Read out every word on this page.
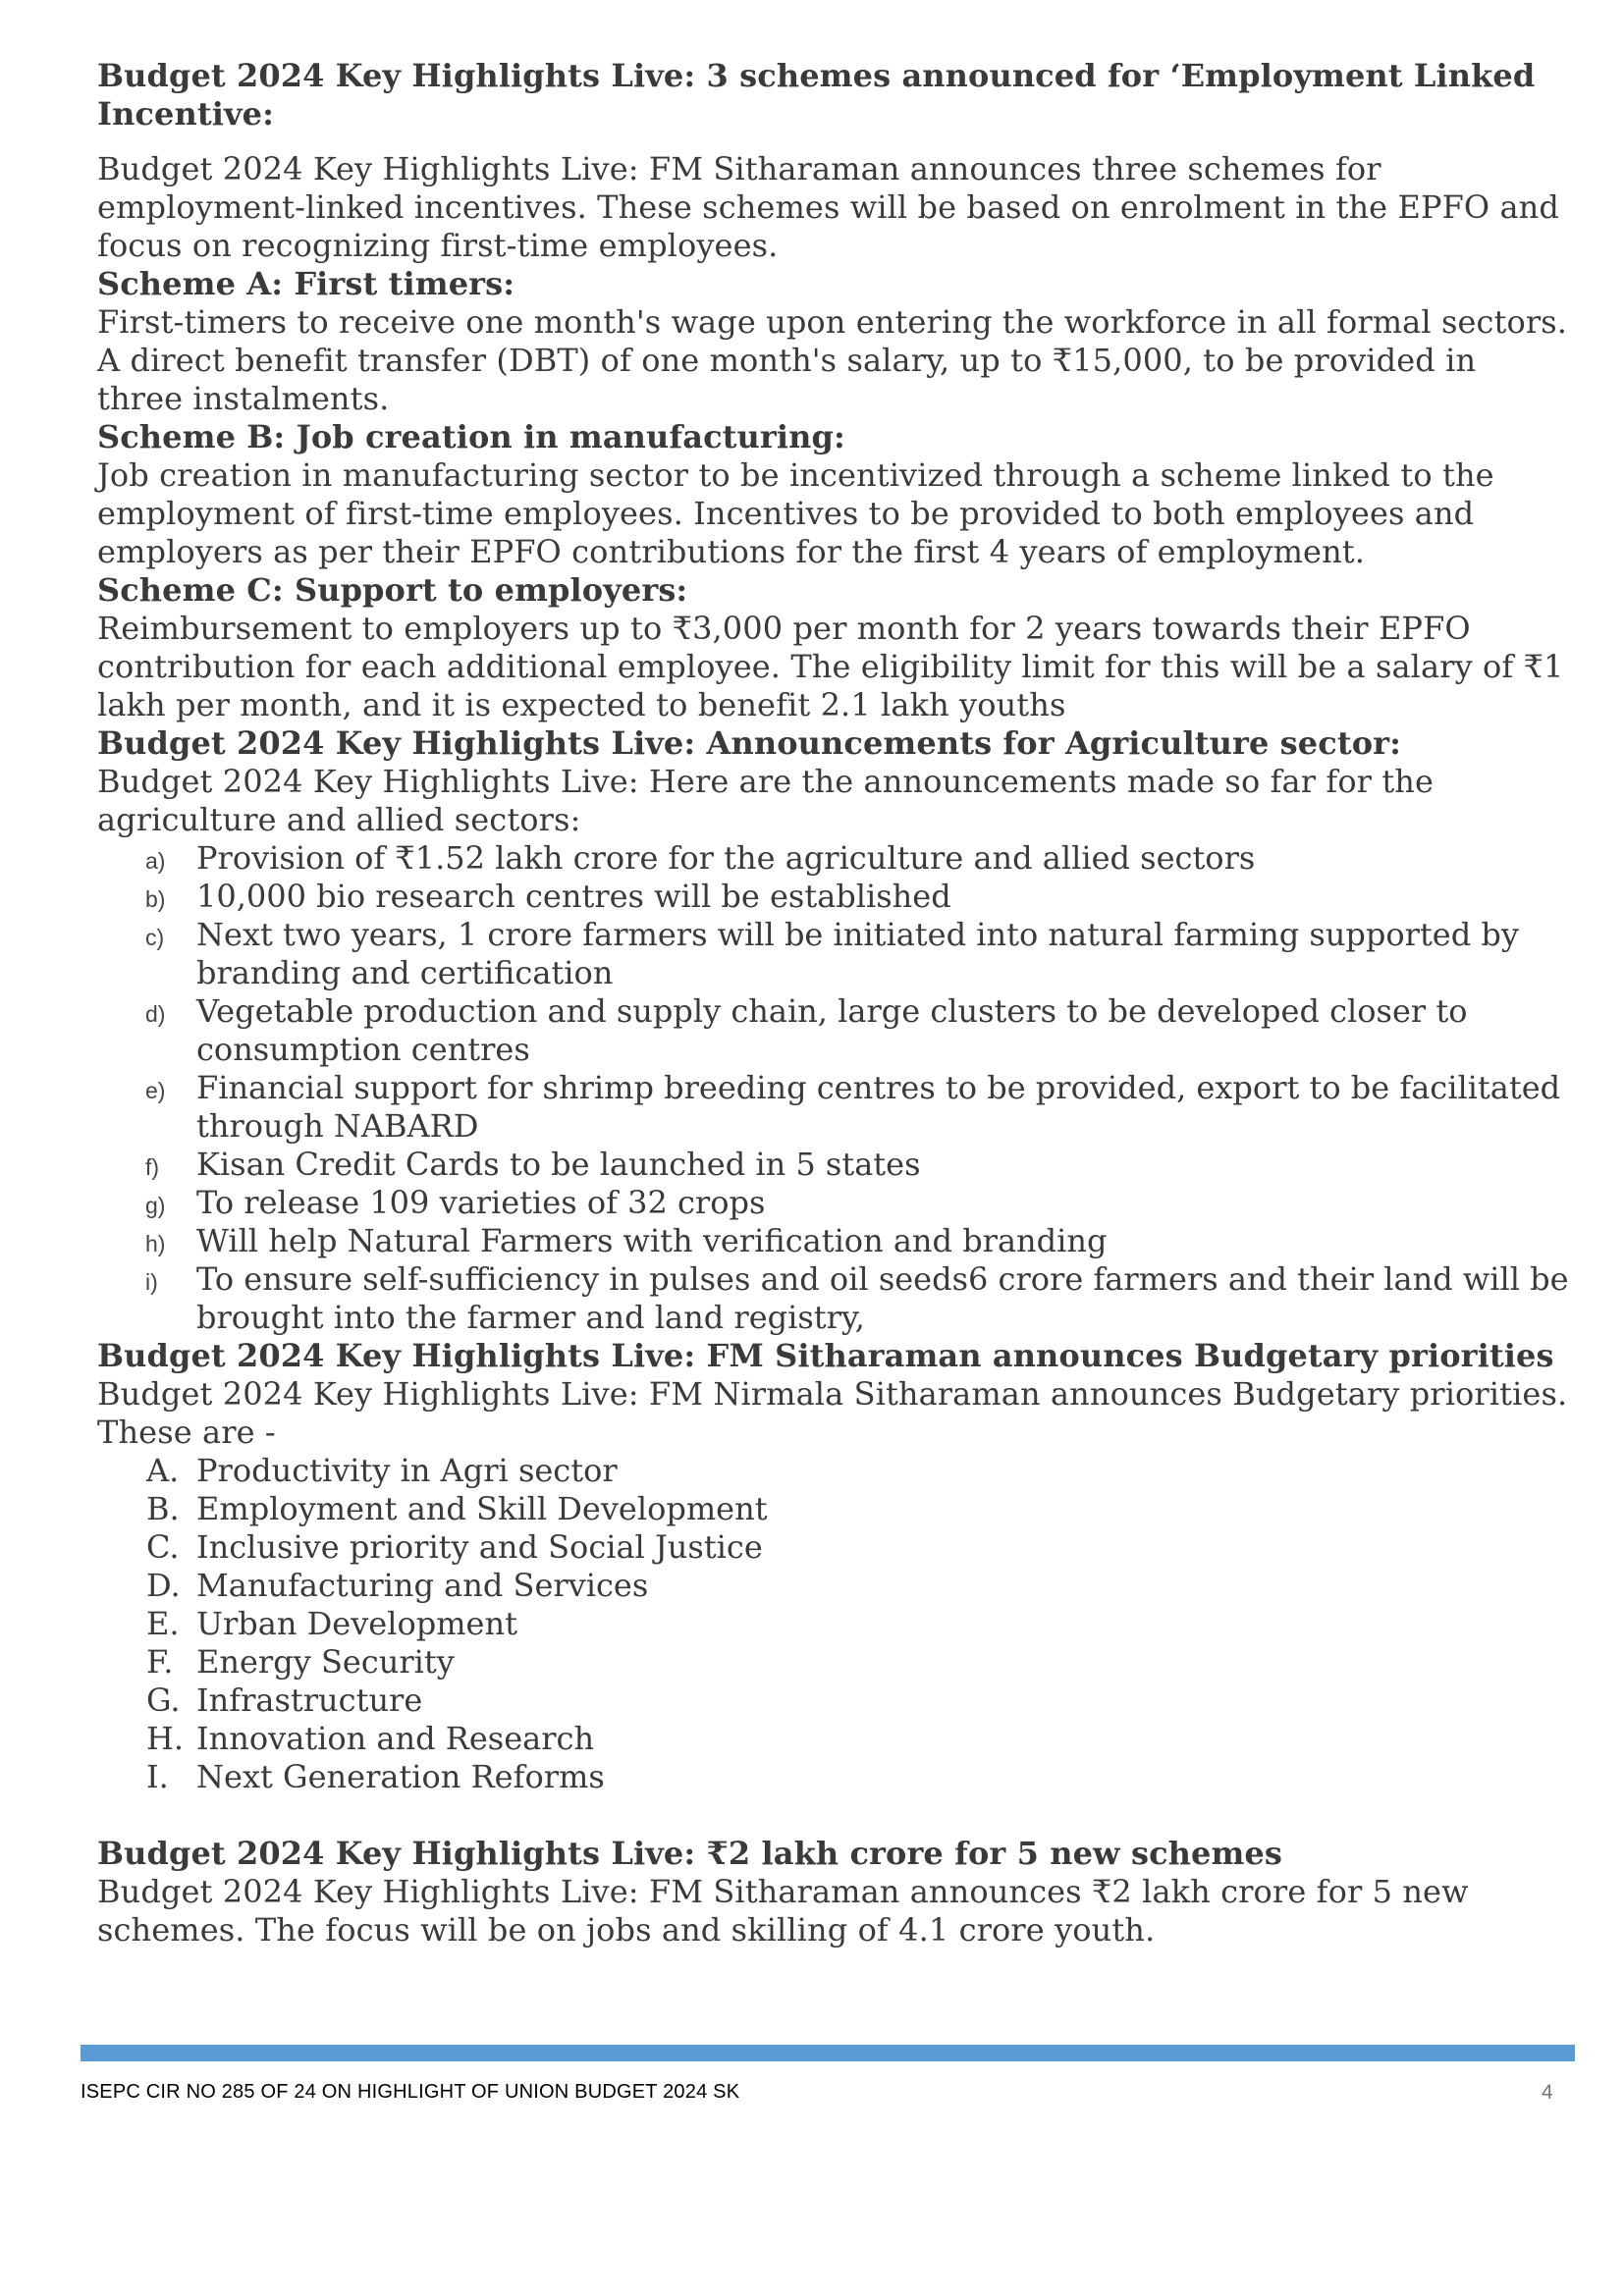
Budget 2024 Key Highlights Live: 3 schemes announced for ‘Employment Linked Incentive:

Budget 2024 Key Highlights Live: FM Sitharaman announces three schemes for employment-linked incentives. These schemes will be based on enrolment in the EPFO and focus on recognizing first-time employees.

Scheme A: First timers:

First-timers to receive one month's wage upon entering the workforce in all formal sectors. A direct benefit transfer (DBT) of one month's salary, up to ₹15,000, to be provided in three instalments.

Scheme B: Job creation in manufacturing:

Job creation in manufacturing sector to be incentivized through a scheme linked to the employment of first-time employees. Incentives to be provided to both employees and employers as per their EPFO contributions for the first 4 years of employment.

Scheme C: Support to employers:

Reimbursement to employers up to ₹3,000 per month for 2 years towards their EPFO contribution for each additional employee. The eligibility limit for this will be a salary of ₹1 lakh per month, and it is expected to benefit 2.1 lakh youths

Budget 2024 Key Highlights Live: Announcements for Agriculture sector:

Budget 2024 Key Highlights Live: Here are the announcements made so far for the agriculture and allied sectors:

a) Provision of ₹1.52 lakh crore for the agriculture and allied sectors
b) 10,000 bio research centres will be established
c) Next two years, 1 crore farmers will be initiated into natural farming supported by branding and certification
d) Vegetable production and supply chain, large clusters to be developed closer to consumption centres
e) Financial support for shrimp breeding centres to be provided, export to be facilitated through NABARD
f) Kisan Credit Cards to be launched in 5 states
g) To release 109 varieties of 32 crops
h) Will help Natural Farmers with verification and branding
i) To ensure self-sufficiency in pulses and oil seeds6 crore farmers and their land will be brought into the farmer and land registry,

Budget 2024 Key Highlights Live: FM Sitharaman announces Budgetary priorities

Budget 2024 Key Highlights Live: FM Nirmala Sitharaman announces Budgetary priorities. These are -

A. Productivity in Agri sector
B. Employment and Skill Development
C. Inclusive priority and Social Justice
D. Manufacturing and Services
E. Urban Development
F. Energy Security
G. Infrastructure
H. Innovation and Research
I. Next Generation Reforms

Budget 2024 Key Highlights Live: ₹2 lakh crore for 5 new schemes

Budget 2024 Key Highlights Live: FM Sitharaman announces ₹2 lakh crore for 5 new schemes. The focus will be on jobs and skilling of 4.1 crore youth.

ISEPC CIR NO 285 OF 24 ON HIGHLIGHT OF UNION BUDGET 2024 SK	4
